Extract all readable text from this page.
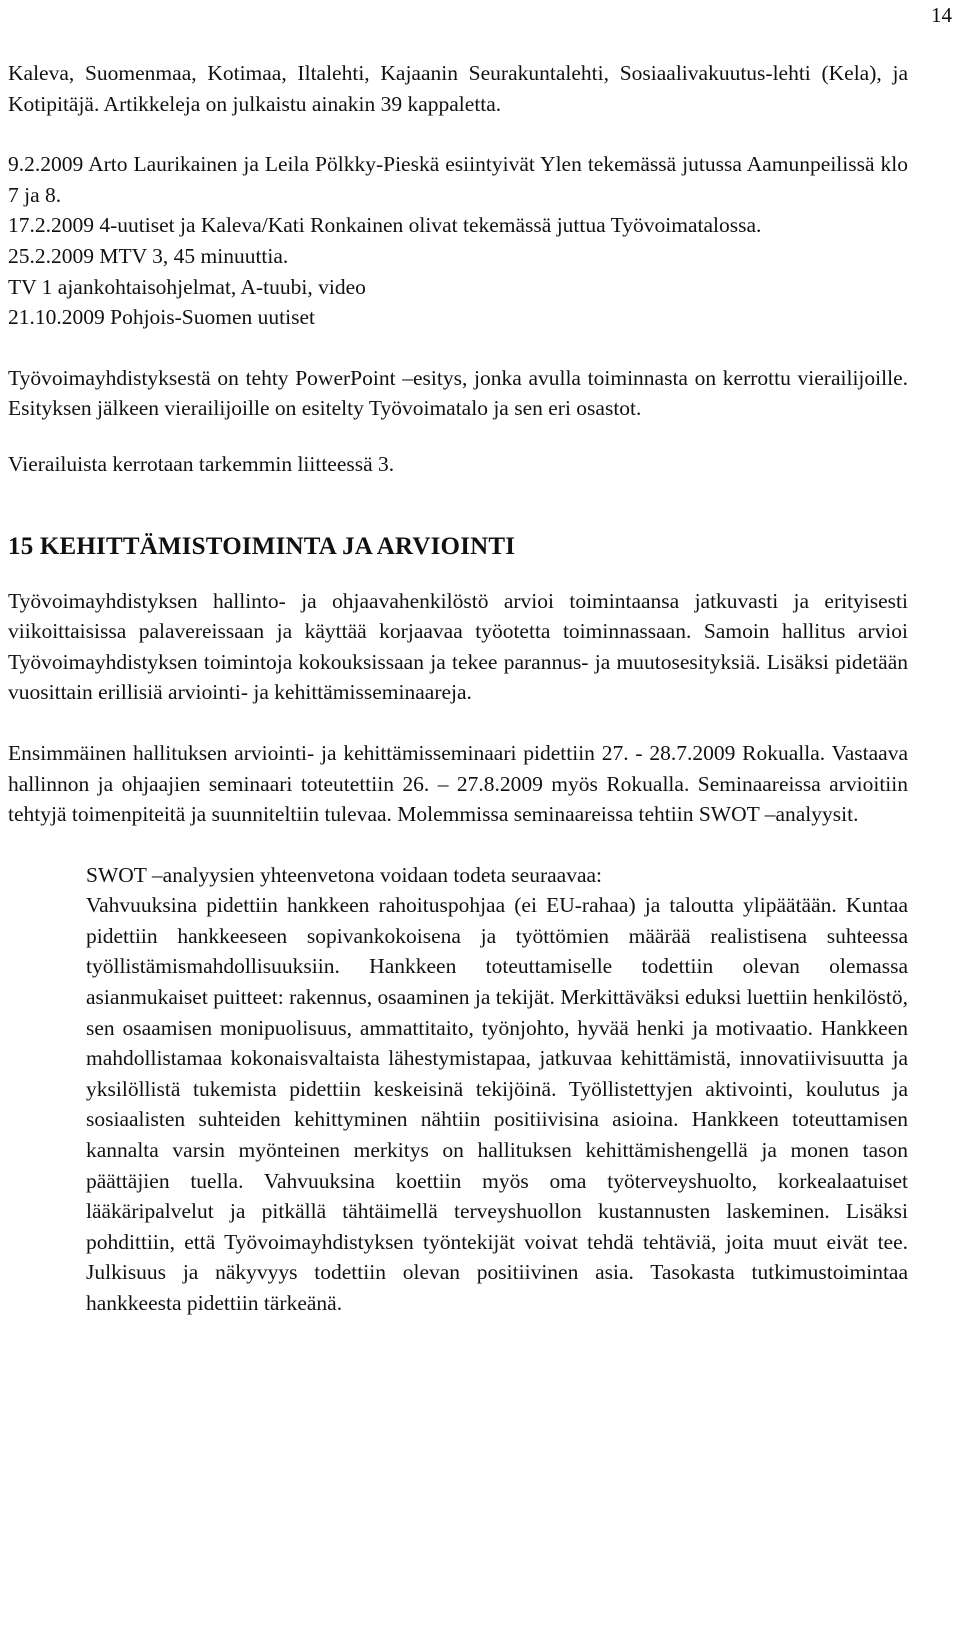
14

Kaleva, Suomenmaa, Kotimaa, Iltalehti, Kajaanin Seurakuntalehti, Sosiaalivakuutus-lehti (Kela), ja Kotipitäjä. Artikkeleja on julkaistu ainakin 39 kappaletta.

9.2.2009 Arto Laurikainen ja Leila Pölkky-Pieskä esiintyivät Ylen tekemässä jutussa Aamunpeilissä klo 7 ja 8.

17.2.2009 4-uutiset ja Kaleva/Kati Ronkainen olivat tekemässä juttua Työvoimatalossa.

25.2.2009 MTV 3, 45 minuuttia.

TV 1 ajankohtaisohjelmat, A-tuubi, video

21.10.2009 Pohjois-Suomen uutiset

Työvoimayhdistyksestä on tehty PowerPoint –esitys, jonka avulla toiminnasta on kerrottu vierailijoille. Esityksen jälkeen vierailijoille on esitelty Työvoimatalo ja sen eri osastot.

Vierailuista kerrotaan tarkemmin liitteessä 3.

15 KEHITTÄMISTOIMINTA JA ARVIOINTI

Työvoimayhdistyksen hallinto- ja ohjaavahenkilöstö arvioi toimintaansa jatkuvasti ja erityisesti viikoittaisissa palavereissaan ja käyttää korjaavaa työotetta toiminnassaan. Samoin hallitus arvioi Työvoimayhdistyksen toimintoja kokouksissaan ja tekee parannus- ja muutosesityksiä. Lisäksi pidetään vuosittain erillisiä arviointi- ja kehittämisseminaareja.

Ensimmäinen hallituksen arviointi- ja kehittämisseminaari pidettiin 27. - 28.7.2009 Rokualla. Vastaava hallinnon ja ohjaajien seminaari toteutettiin 26. – 27.8.2009 myös Rokualla. Seminaareissa arvioitiin tehtyjä toimenpiteitä ja suunniteltiin tulevaa. Molemmissa seminaareissa tehtiin SWOT –analyysit.

SWOT –analyysien yhteenvetona voidaan todeta seuraavaa:

Vahvuuksina pidettiin hankkeen rahoituspohjaa (ei EU-rahaa) ja taloutta ylipäätään. Kuntaa pidettiin hankkeeseen sopivankokoisena ja työttömien määrää realistisena suhteessa työllistämismahdollisuuksiin. Hankkeen toteuttamiselle todettiin olevan olemassa asianmukaiset puitteet: rakennus, osaaminen ja tekijät. Merkittäväksi eduksi luettiin henkilöstö, sen osaamisen monipuolisuus, ammattitaito, työnjohto, hyvää henki ja motivaatio. Hankkeen mahdollistamaa kokonaisvaltaista lähestymistapaa, jatkuvaa kehittämistä, innovatiivisuutta ja yksilöllistä tukemista pidettiin keskeisinä tekijöinä. Työllistettyjen aktivointi, koulutus ja sosiaalisten suhteiden kehittyminen nähtiin positiivisina asioina. Hankkeen toteuttamisen kannalta varsin myönteinen merkitys on hallituksen kehittämishengellä ja monen tason päättäjien tuella. Vahvuuksina koettiin myös oma työterveyshuolto, korkealaatuiset lääkäripalvelut ja pitkällä tähtäimellä terveyshuollon kustannusten laskeminen. Lisäksi pohdittiin, että Työvoimayhdistyksen työntekijät voivat tehdä tehtäviä, joita muut eivät tee. Julkisuus ja näkyvyys todettiin olevan positiivinen asia. Tasokasta tutkimustoimintaa hankkeesta pidettiin tärkeänä.
